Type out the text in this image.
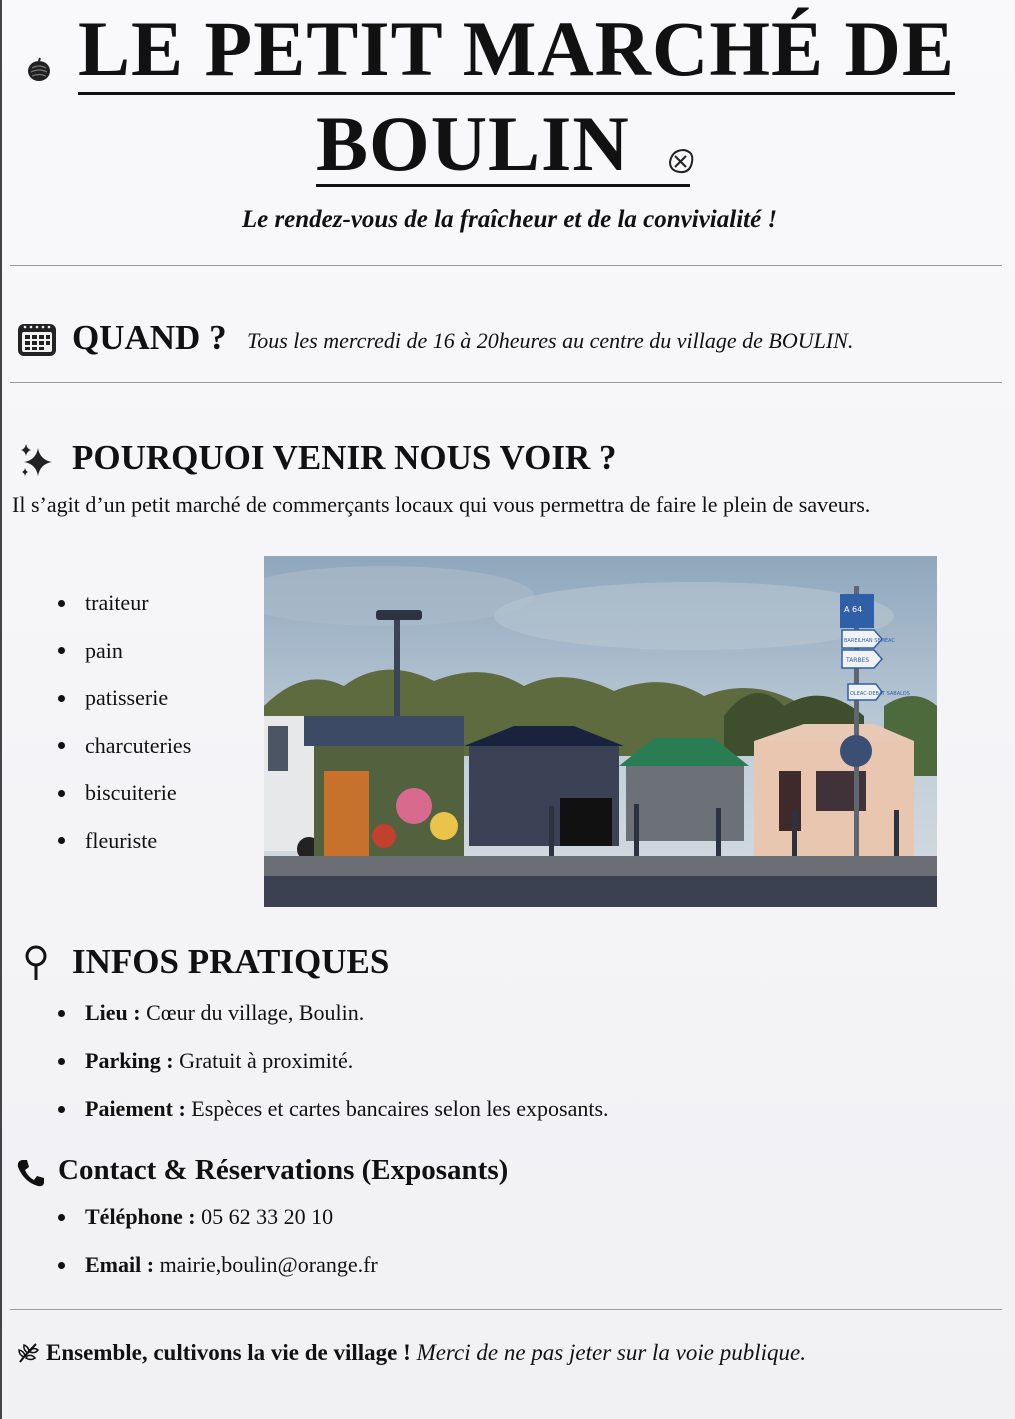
LE PETIT MARCHÉ DE
BOULIN
Le rendez-vous de la fraîcheur et de la convivialité !
QUAND ? Tous les mercredi de 16 à 20heures au centre du village de BOULIN.
POURQUOI VENIR NOUS VOIR ?
Il s’agit d’un petit marché de commerçants locaux qui vous permettra de faire le plein de saveurs.
traiteur
pain
patisserie
charcuteries
biscuiterie
fleuriste
A 64
BAREILHAN SEMÉAC
TARBES
OLEAC-DEBAT SABALOS
INFOS PRATIQUES
Lieu : Cœur du village, Boulin.
Parking : Gratuit à proximité.
Paiement : Espèces et cartes bancaires selon les exposants.
Contact & Réservations (Exposants)
Téléphone : 05 62 33 20 10
Email : mairie,boulin@orange.fr
Ensemble, cultivons la vie de village ! Merci de ne pas jeter sur la voie publique.
